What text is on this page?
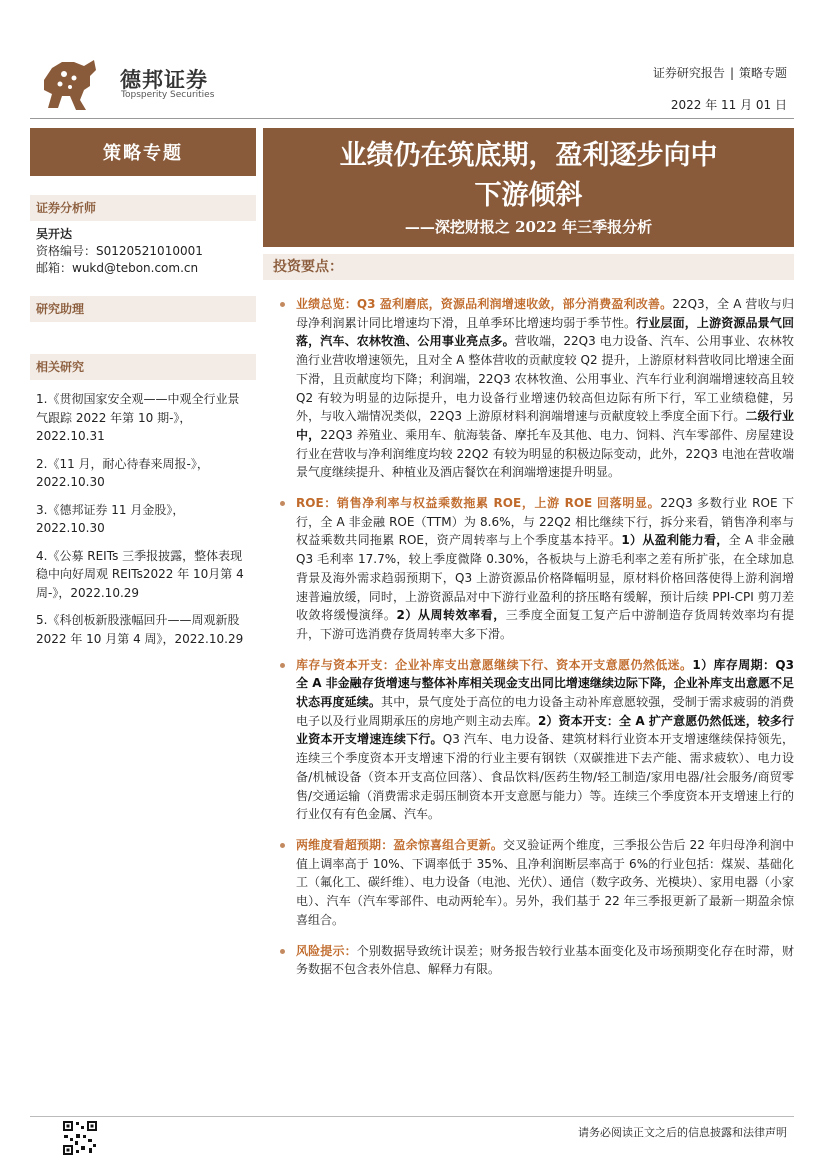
德邦证券
Topsperity Securities
证券研究报告 | 策略专题
2022 年 11 月 01 日
策略专题	业绩仍在筑底期，盈利逐步向中
下游倾斜
——深挖财报之 2022 年三季报分析
证券分析师
吴开达
资格编号：S0120521010001
邮箱：wukd@tebon.com.cn
研究助理
相关研究
1.《贯彻国家安全观——中观全行业景气跟踪 2022 年第 10 期-》，2022.10.31
2.《11 月，耐心待春来周报-》，2022.10.30
3.《德邦证券 11 月金股》，2022.10.30
4.《公募 REITs 三季报披露，整体表现稳中向好周观 REITs2022 年 10月第 4周-》，2022.10.29
5.《科创板新股涨幅回升——周观新股 2022 年 10 月第 4 周》，2022.10.29
投资要点：
业绩总览：Q3 盈利磨底，资源品利润增速收敛，部分消费盈利改善。22Q3，全 A 营收与归母净利润累计同比增速均下滑，且单季环比增速均弱于季节性。行业层面，上游资源品景气回落，汽车、农林牧渔、公用事业亮点多。营收端，22Q3 电力设备、汽车、公用事业、农林牧渔行业营收增速领先，且对全 A 整体营收的贡献度较 Q2 提升，上游原材料营收同比增速全面下滑，且贡献度均下降；利润端，22Q3 农林牧渔、公用事业、汽车行业利润端增速较高且较 Q2 有较为明显的边际提升，电力设备行业增速仍较高但边际有所下行，军工业绩稳健，另外，与收入端情况类似，22Q3 上游原材料利润端增速与贡献度较上季度全面下行。二级行业中，22Q3 养殖业、乘用车、航海装备、摩托车及其他、电力、饲料、汽车零部件、房屋建设行业在营收与净利润维度均较 22Q2 有较为明显的积极边际变动，此外，22Q3 电池在营收端景气度继续提升、种植业及酒店餐饮在利润端增速提升明显。
ROE：销售净利率与权益乘数拖累 ROE，上游 ROE 回落明显。22Q3 多数行业 ROE 下行，全 A 非金融 ROE（TTM）为 8.6%，与 22Q2 相比继续下行，拆分来看，销售净利率与权益乘数共同拖累 ROE，资产周转率与上个季度基本持平。1）从盈利能力看，全 A 非金融 Q3 毛利率 17.7%，较上季度微降 0.30%，各板块与上游毛利率之差有所扩张，在全球加息背景及海外需求趋弱预期下，Q3 上游资源品价格降幅明显，原材料价格回落使得上游利润增速普遍放缓，同时，上游资源品对中下游行业盈利的挤压略有缓解，预计后续 PPI-CPI 剪刀差收敛将缓慢演绎。2）从周转效率看，三季度全面复工复产后中游制造存货周转效率均有提升，下游可选消费存货周转率大多下滑。
库存与资本开支：企业补库支出意愿继续下行、资本开支意愿仍然低迷。1）库存周期：Q3 全 A 非金融存货增速与整体补库相关现金支出同比增速继续边际下降，企业补库支出意愿不足状态再度延续。其中，景气度处于高位的电力设备主动补库意愿较强，受制于需求疲弱的消费电子以及行业周期承压的房地产则主动去库。2）资本开支：全 A 扩产意愿仍然低迷，较多行业资本开支增速连续下行。Q3 汽车、电力设备、建筑材料行业资本开支增速继续保持领先，连续三个季度资本开支增速下滑的行业主要有钢铁（双碳推进下去产能、需求疲软）、电力设备/机械设备（资本开支高位回落）、食品饮料/医药生物/轻工制造/家用电器/社会服务/商贸零售/交通运输（消费需求走弱压制资本开支意愿与能力）等。连续三个季度资本开支增速上行的行业仅有有色金属、汽车。
两维度看超预期：盈余惊喜组合更新。交叉验证两个维度，三季报公告后 22 年归母净利润中值上调率高于 10%、下调率低于 35%、且净利润断层率高于 6%的行业包括：煤炭、基础化工（氟化工、碳纤维）、电力设备（电池、光伏）、通信（数字政务、光模块）、家用电器（小家电）、汽车（汽车零部件、电动两轮车）。另外，我们基于 22 年三季报更新了最新一期盈余惊喜组合。
风险提示：个别数据导致统计误差；财务报告较行业基本面变化及市场预期变化存在时滞，财务数据不包含表外信息、解释力有限。
请务必阅读正文之后的信息披露和法律声明
